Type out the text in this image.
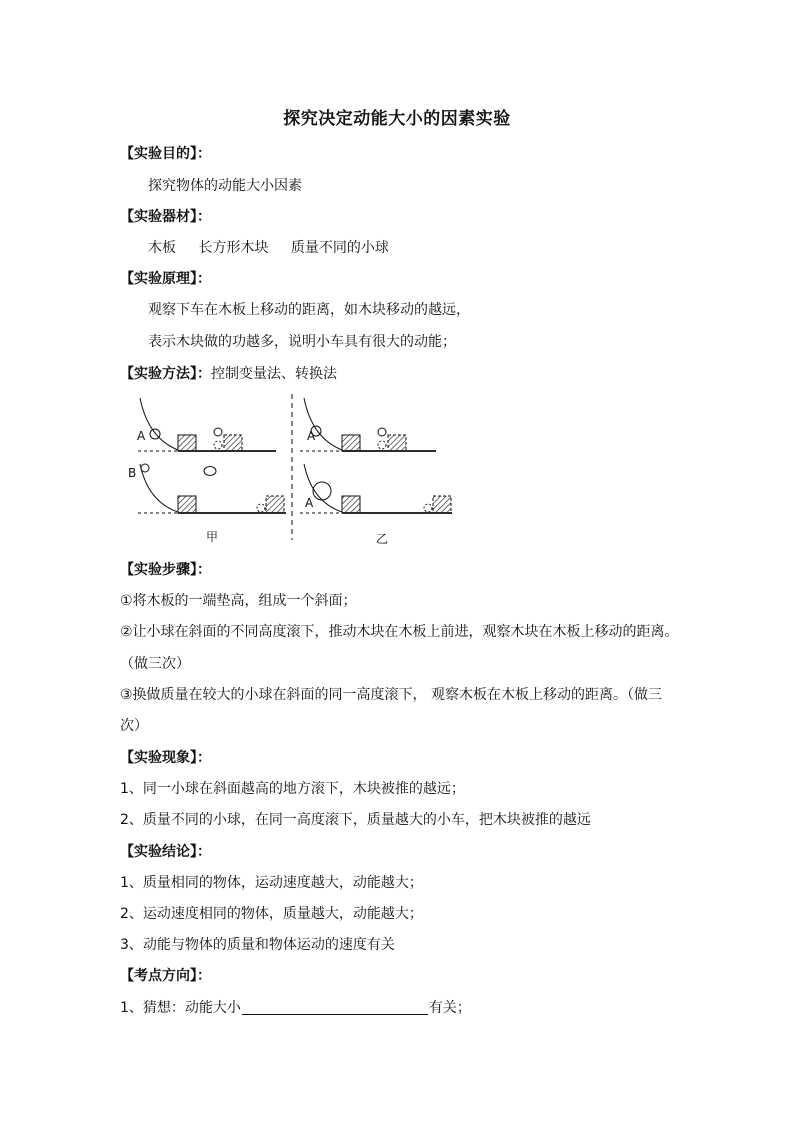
探究决定动能大小的因素实验
【实验目的】：
探究物体的动能大小因素
【实验器材】：
木板 长方形木块 质量不同的小球
【实验原理】：
观察下车在木板上移动的距离，如木块移动的越远，
表示木块做的功越多，说明小车具有很大的动能；
【实验方法】：控制变量法、转换法
A
B
A
A
甲	乙
【实验步骤】：
①将木板的一端垫高，组成一个斜面；
②让小球在斜面的不同高度滚下，推动木块在木板上前进，观察木块在木板上移动的距离。
（做三次）
③换做质量在较大的小球在斜面的同一高度滚下， 观察木板在木板上移动的距离。（做三
次）
【实验现象】：
1、同一小球在斜面越高的地方滚下，木块被推的越远；
2、质量不同的小球，在同一高度滚下，质量越大的小车，把木块被推的越远
【实验结论】：
1、质量相同的物体，运动速度越大，动能越大；
2、运动速度相同的物体，质量越大，动能越大；
3、动能与物体的质量和物体运动的速度有关
【考点方向】：
1、猜想：动能大小	有关；
